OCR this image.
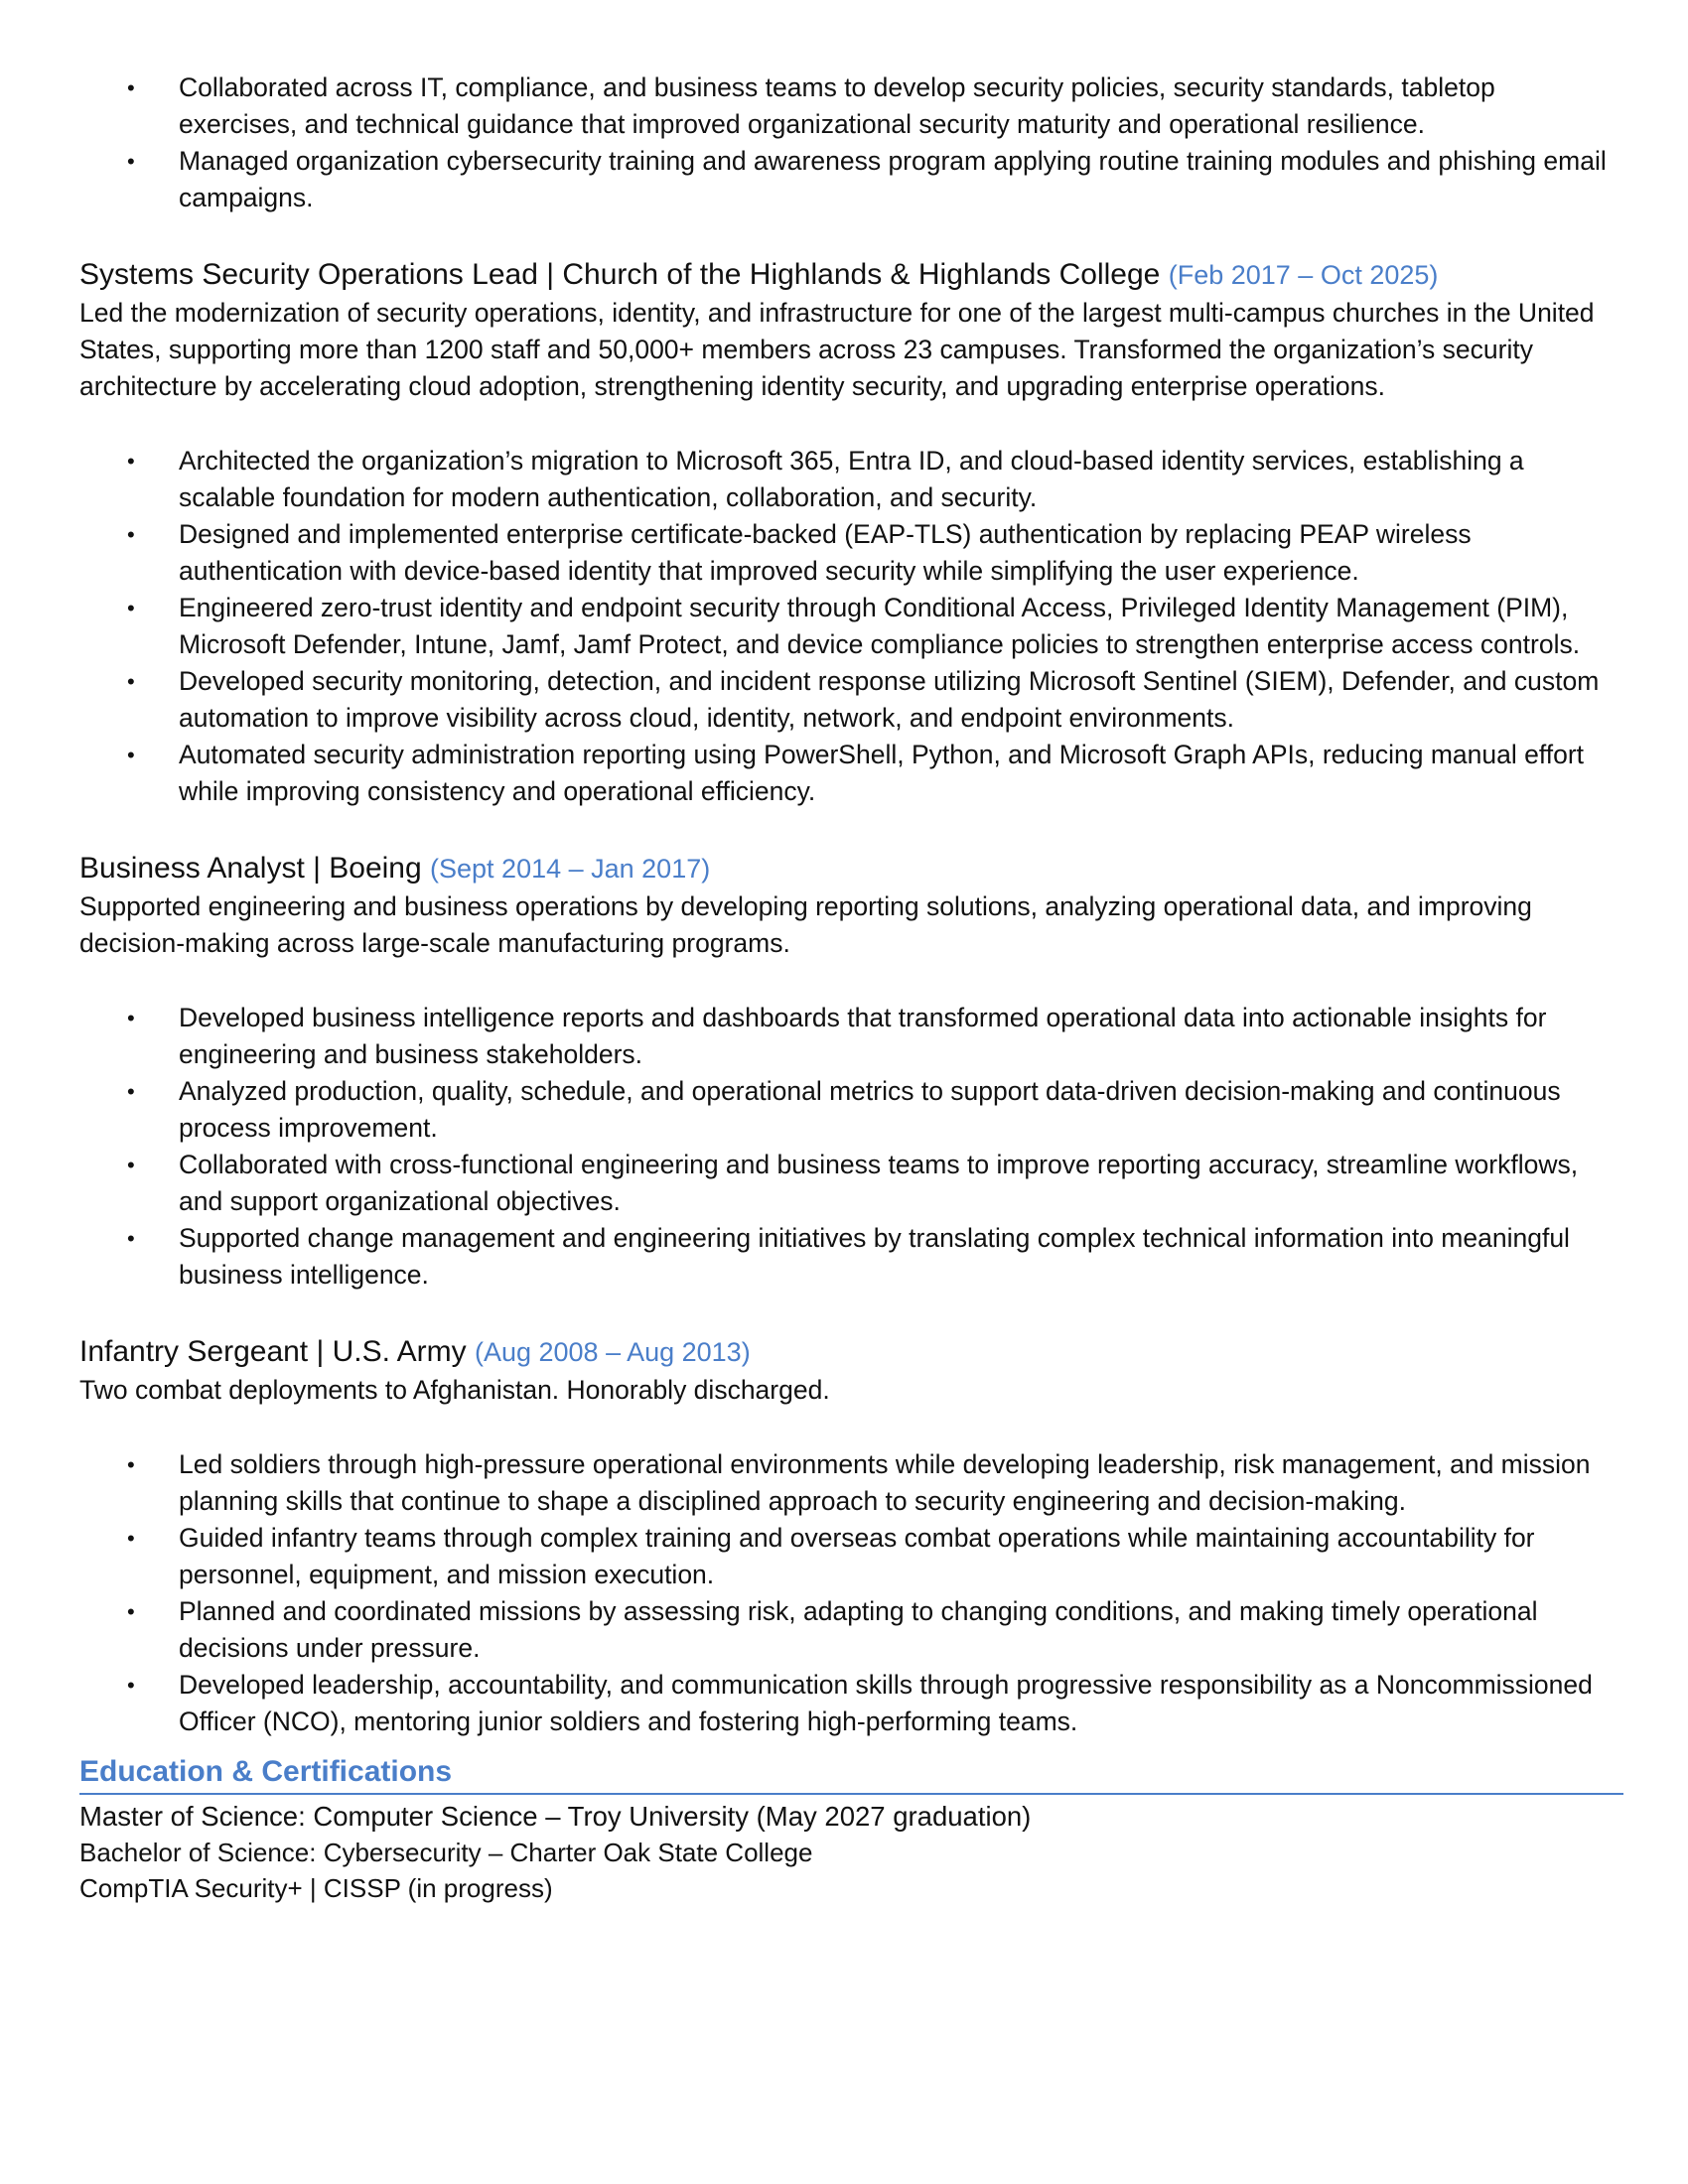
• Collaborated across IT, compliance, and business teams to develop security policies, security standards, tabletop exercises, and technical guidance that improved organizational security maturity and operational resilience.
• Managed organization cybersecurity training and awareness program applying routine training modules and phishing email campaigns.

Systems Security Operations Lead | Church of the Highlands & Highlands College (Feb 2017 – Oct 2025)

Led the modernization of security operations, identity, and infrastructure for one of the largest multi-campus churches in the United States, supporting more than 1200 staff and 50,000+ members across 23 campuses. Transformed the organization’s security architecture by accelerating cloud adoption, strengthening identity security, and upgrading enterprise operations.

• Architected the organization’s migration to Microsoft 365, Entra ID, and cloud-based identity services, establishing a scalable foundation for modern authentication, collaboration, and security.
• Designed and implemented enterprise certificate-backed (EAP-TLS) authentication by replacing PEAP wireless authentication with device-based identity that improved security while simplifying the user experience.
• Engineered zero-trust identity and endpoint security through Conditional Access, Privileged Identity Management (PIM), Microsoft Defender, Intune, Jamf, Jamf Protect, and device compliance policies to strengthen enterprise access controls.
• Developed security monitoring, detection, and incident response utilizing Microsoft Sentinel (SIEM), Defender, and custom automation to improve visibility across cloud, identity, network, and endpoint environments.
• Automated security administration reporting using PowerShell, Python, and Microsoft Graph APIs, reducing manual effort while improving consistency and operational efficiency.

Business Analyst | Boeing (Sept 2014 – Jan 2017)

Supported engineering and business operations by developing reporting solutions, analyzing operational data, and improving decision-making across large-scale manufacturing programs.

• Developed business intelligence reports and dashboards that transformed operational data into actionable insights for engineering and business stakeholders.
• Analyzed production, quality, schedule, and operational metrics to support data-driven decision-making and continuous process improvement.
• Collaborated with cross-functional engineering and business teams to improve reporting accuracy, streamline workflows, and support organizational objectives.
• Supported change management and engineering initiatives by translating complex technical information into meaningful business intelligence.

Infantry Sergeant | U.S. Army (Aug 2008 – Aug 2013)

Two combat deployments to Afghanistan. Honorably discharged.

• Led soldiers through high-pressure operational environments while developing leadership, risk management, and mission planning skills that continue to shape a disciplined approach to security engineering and decision-making.
• Guided infantry teams through complex training and overseas combat operations while maintaining accountability for personnel, equipment, and mission execution.
• Planned and coordinated missions by assessing risk, adapting to changing conditions, and making timely operational decisions under pressure.
• Developed leadership, accountability, and communication skills through progressive responsibility as a Noncommissioned Officer (NCO), mentoring junior soldiers and fostering high-performing teams.

Education & Certifications

Master of Science: Computer Science – Troy University (May 2027 graduation)

Bachelor of Science: Cybersecurity – Charter Oak State College

CompTIA Security+ | CISSP (in progress)
